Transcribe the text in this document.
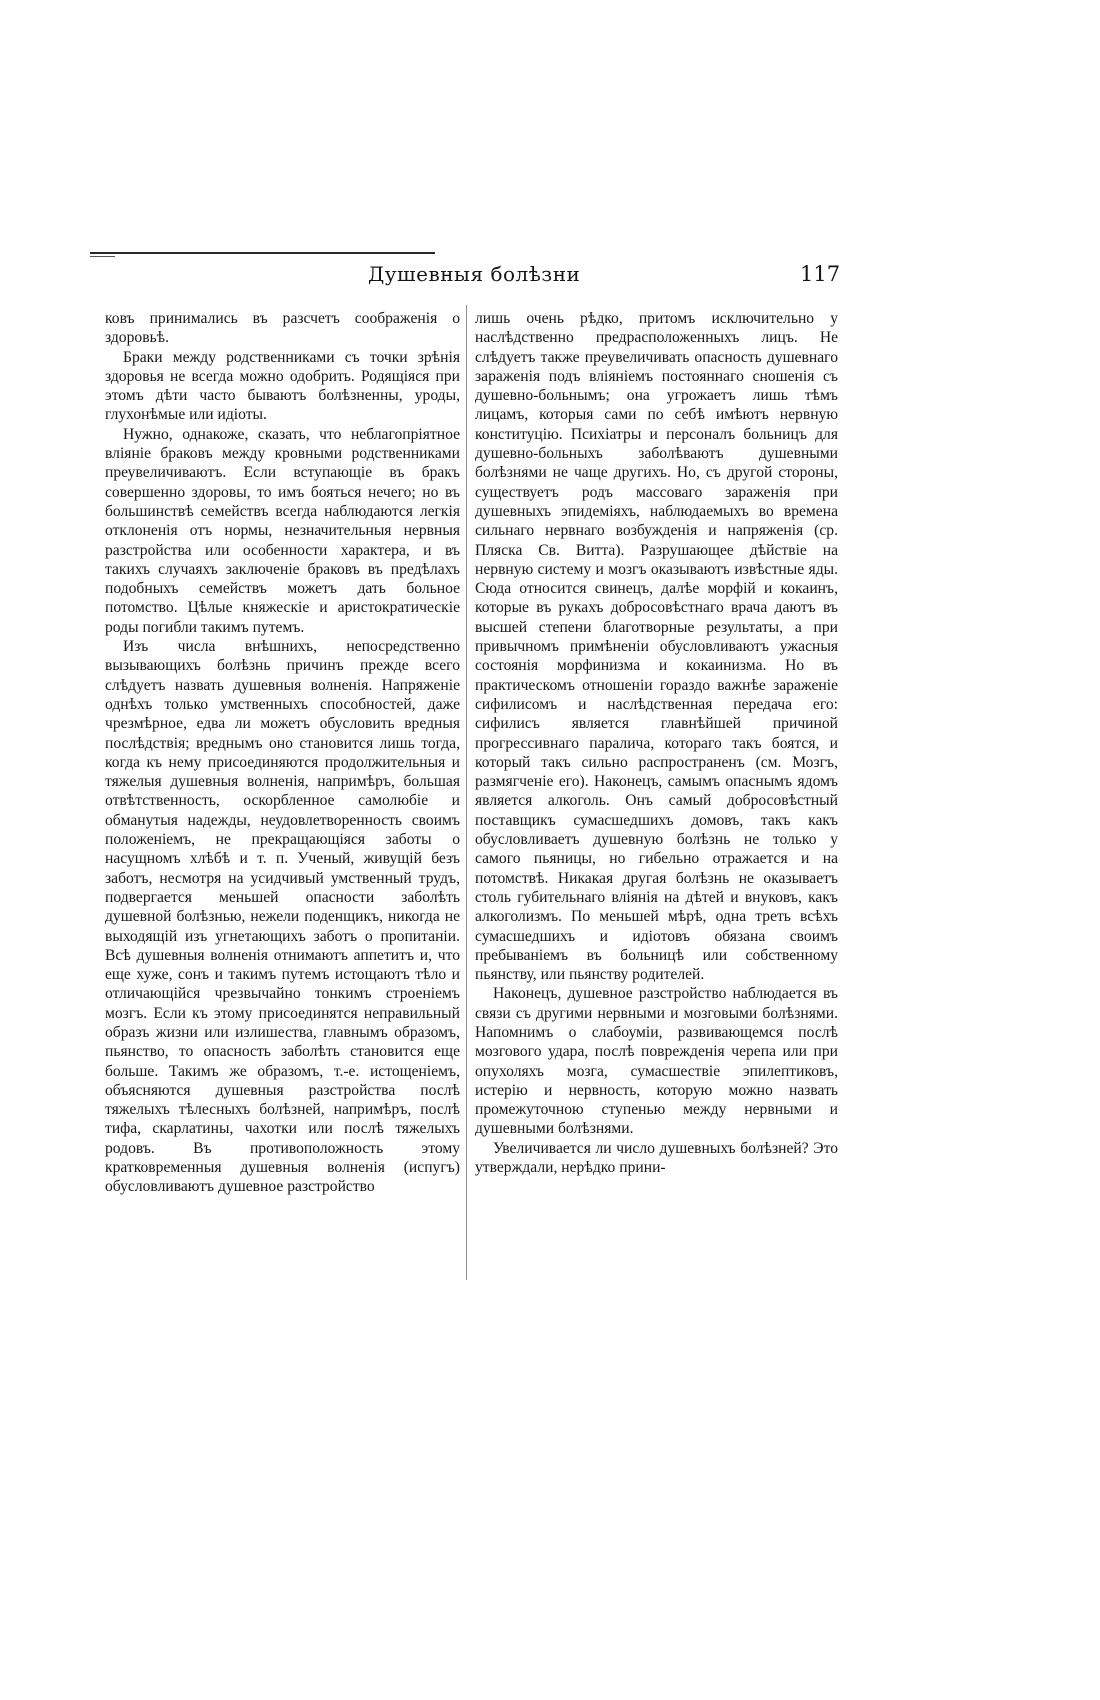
Душевныя болѣзни	117

ковъ принимались въ разсчетъ соображенія о здоровьѣ.

Браки между родственниками съ точки зрѣнія здоровья не всегда можно одобрить. Родящіяся при этомъ дѣти часто бываютъ болѣзненны, уроды, глухонѣмые или идіоты.

Нужно, однакоже, сказать, что неблагопріятное вліяніе браковъ между кровными родственниками преувеличиваютъ. Если вступающіе въ бракъ совершенно здоровы, то имъ бояться нечего; но въ большинствѣ семействъ всегда наблюдаются легкія отклоненія отъ нормы, незначительныя нервныя разстройства или особенности характера, и въ такихъ случаяхъ заключеніе браковъ въ предѣлахъ подобныхъ семействъ можетъ дать больное потомство. Цѣлые княжескіе и аристократическіе роды погибли такимъ путемъ.

Изъ числа внѣшнихъ, непосредственно вызывающихъ болѣзнь причинъ прежде всего слѣдуетъ назвать душевныя волненія. Напряженіе однѣхъ только умственныхъ способностей, даже чрезмѣрное, едва ли можетъ обусловить вредныя послѣдствія; вреднымъ оно становится лишь тогда, когда къ нему присоединяются продолжительныя и тяжелыя душевныя волненія, напримѣръ, большая отвѣтственность, оскорбленное самолюбіе и обманутыя надежды, неудовлетворенность своимъ положеніемъ, не прекращающіяся заботы о насущномъ хлѣбѣ и т. п. Ученый, живущій безъ заботъ, несмотря на усидчивый умственный трудъ, подвергается меньшей опасности заболѣть душевной болѣзнью, нежели поденщикъ, никогда не выходящій изъ угнетающихъ заботъ о пропитаніи. Всѣ душевныя волненія отнимаютъ аппетитъ и, что еще хуже, сонъ и такимъ путемъ истощаютъ тѣло и отличающійся чрезвычайно тонкимъ строеніемъ мозгъ. Если къ этому присоединятся неправильный образъ жизни или излишества, главнымъ образомъ, пьянство, то опасность заболѣть становится еще больше. Такимъ же образомъ, т.-е. истощеніемъ, объясняются душевныя разстройства послѣ тяжелыхъ тѣлесныхъ болѣзней, напримѣръ, послѣ тифа, скарлатины, чахотки или послѣ тяжелыхъ родовъ. Въ противоположность этому кратковременныя душевныя волненія (испугъ) обусловливаютъ душевное разстройство

лишь очень рѣдко, притомъ исключительно у наслѣдственно предрасположенныхъ лицъ. Не слѣдуетъ также преувеличивать опасность душевнаго зараженія подъ вліяніемъ постояннаго сношенія съ душевно-больнымъ; она угрожаетъ лишь тѣмъ лицамъ, которыя сами по себѣ имѣютъ нервную конституцію. Психіатры и персоналъ больницъ для душевно-больныхъ заболѣваютъ душевными болѣзнями не чаще другихъ. Но, съ другой стороны, существуетъ родъ массоваго зараженія при душевныхъ эпидеміяхъ, наблюдаемыхъ во времена сильнаго нервнаго возбужденія и напряженія (ср. Пляска Св. Витта). Разрушающее дѣйствіе на нервную систему и мозгъ оказываютъ извѣстные яды. Сюда относится свинецъ, далѣе морфій и кокаинъ, которые въ рукахъ добросовѣстнаго врача даютъ въ высшей степени благотворные результаты, а при привычномъ примѣненіи обусловливаютъ ужасныя состоянія морфинизма и кокаинизма. Но въ практическомъ отношеніи гораздо важнѣе зараженіе сифилисомъ и наслѣдственная передача его: сифилисъ является главнѣйшей причиной прогрессивнаго паралича, котораго такъ боятся, и который такъ сильно распространенъ (см. Мозгъ, размягченіе его). Наконецъ, самымъ опаснымъ ядомъ является алкоголь. Онъ самый добросовѣстный поставщикъ сумасшедшихъ домовъ, такъ какъ обусловливаетъ душевную болѣзнь не только у самого пьяницы, но гибельно отражается и на потомствѣ. Никакая другая болѣзнь не оказываетъ столь губительнаго вліянія на дѣтей и внуковъ, какъ алкоголизмъ. По меньшей мѣрѣ, одна треть всѣхъ сумасшедшихъ и идіотовъ обязана своимъ пребываніемъ въ больницѣ или собственному пьянству, или пьянству родителей.

Наконецъ, душевное разстройство наблюдается въ связи съ другими нервными и мозговыми болѣзнями. Напомнимъ о слабоуміи, развивающемся послѣ мозгового удара, послѣ поврежденія черепа или при опухоляхъ мозга, сумасшествіе эпилептиковъ, истерію и нервность, которую можно назвать промежуточною ступенью между нервными и душевными болѣзнями.

Увеличивается ли число душевныхъ болѣзней? Это утверждали, нерѣдко прини-
